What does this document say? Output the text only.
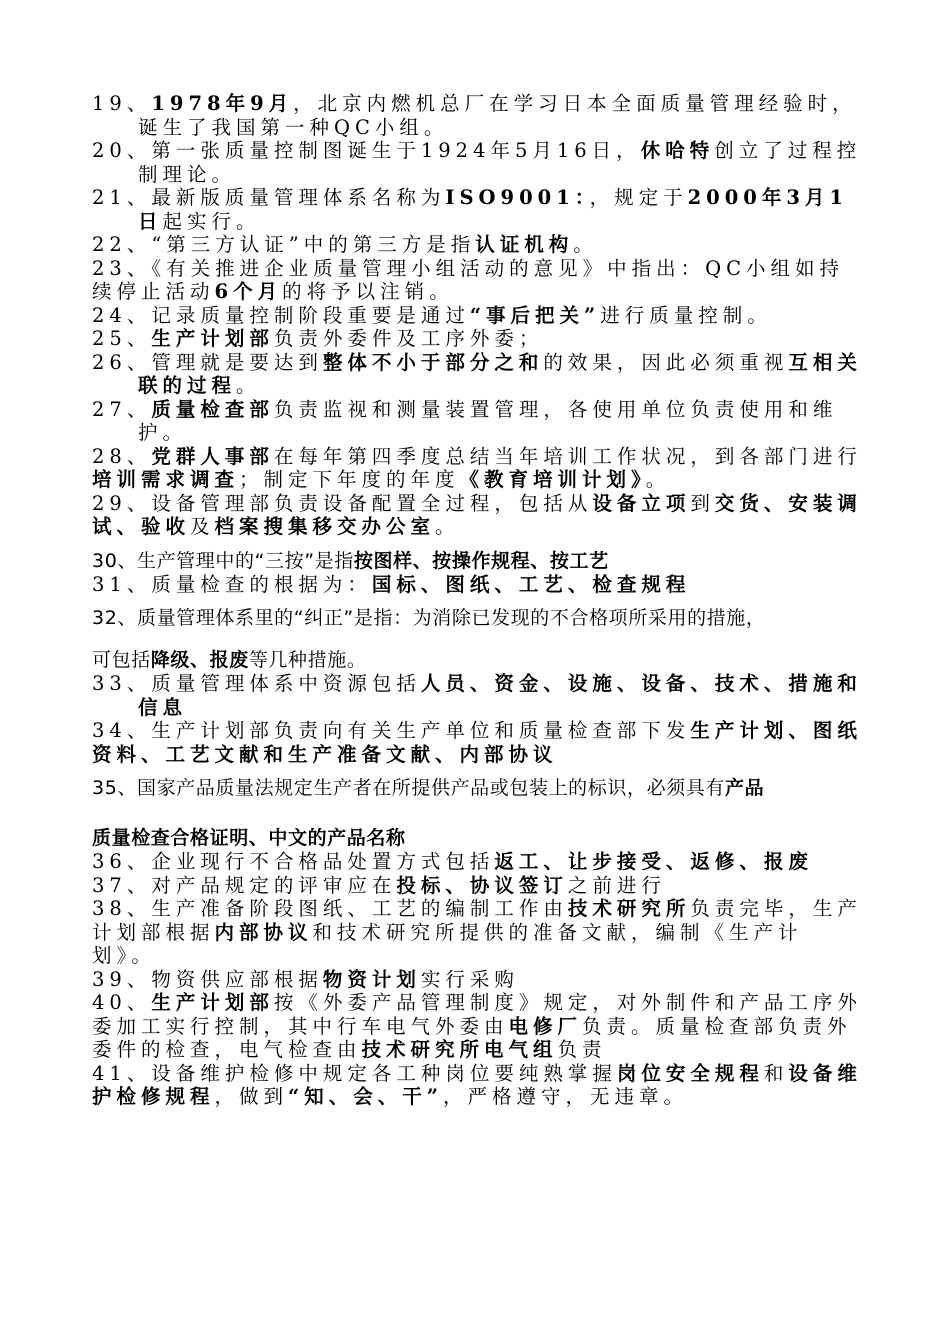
19、1978年9月，北京内燃机总厂在学习日本全面质量管理经验时，诞生了我国第一种QC小组。
20、第一张质量控制图诞生于1924年5月16日，休哈特创立了过程控制理论。
21、最新版质量管理体系名称为ISO9001：，规定于2000年3月1日起实行。
22、“第三方认证”中的第三方是指认证机构。
23、《有关推进企业质量管理小组活动的意见》中指出：QC小组如持续停止活动6个月的将予以注销。
24、记录质量控制阶段重要是通过“事后把关”进行质量控制。
25、生产计划部负责外委件及工序外委；
26、管理就是要达到整体不小于部分之和的效果，因此必须重视互相关联的过程。
27、质量检查部负责监视和测量装置管理，各使用单位负责使用和维护。
28、党群人事部在每年第四季度总结当年培训工作状况，到各部门进行培训需求调查；制定下年度的年度《教育培训计划》。
29、设备管理部负责设备配置全过程，包括从设备立项到交货、安装调试、验收及档案搜集移交办公室。
30、生产管理中的“三按”是指按图样、按操作规程、按工艺
31、质量检查的根据为：国标、图纸、工艺、检查规程
32、质量管理体系里的“纠正”是指：为消除已发现的不合格项所采用的措施，
可包括降级、报废等几种措施。
33、质量管理体系中资源包括人员、资金、设施、设备、技术、措施和信息
34、生产计划部负责向有关生产单位和质量检查部下发生产计划、图纸资料、工艺文献和生产准备文献、内部协议
35、国家产品质量法规定生产者在所提供产品或包装上的标识，必须具有产品
质量检查合格证明、中文的产品名称
36、企业现行不合格品处置方式包括返工、让步接受、返修、报废
37、对产品规定的评审应在投标、协议签订之前进行
38、生产准备阶段图纸、工艺的编制工作由技术研究所负责完毕，生产计划部根据内部协议和技术研究所提供的准备文献，编制《生产计划》。
39、物资供应部根据物资计划实行采购
40、生产计划部按《外委产品管理制度》规定，对外制件和产品工序外委加工实行控制，其中行车电气外委由电修厂负责。质量检查部负责外委件的检查，电气检查由技术研究所电气组负责
41、设备维护检修中规定各工种岗位要纯熟掌握岗位安全规程和设备维护检修规程，做到“知、会、干”，严格遵守，无违章。
